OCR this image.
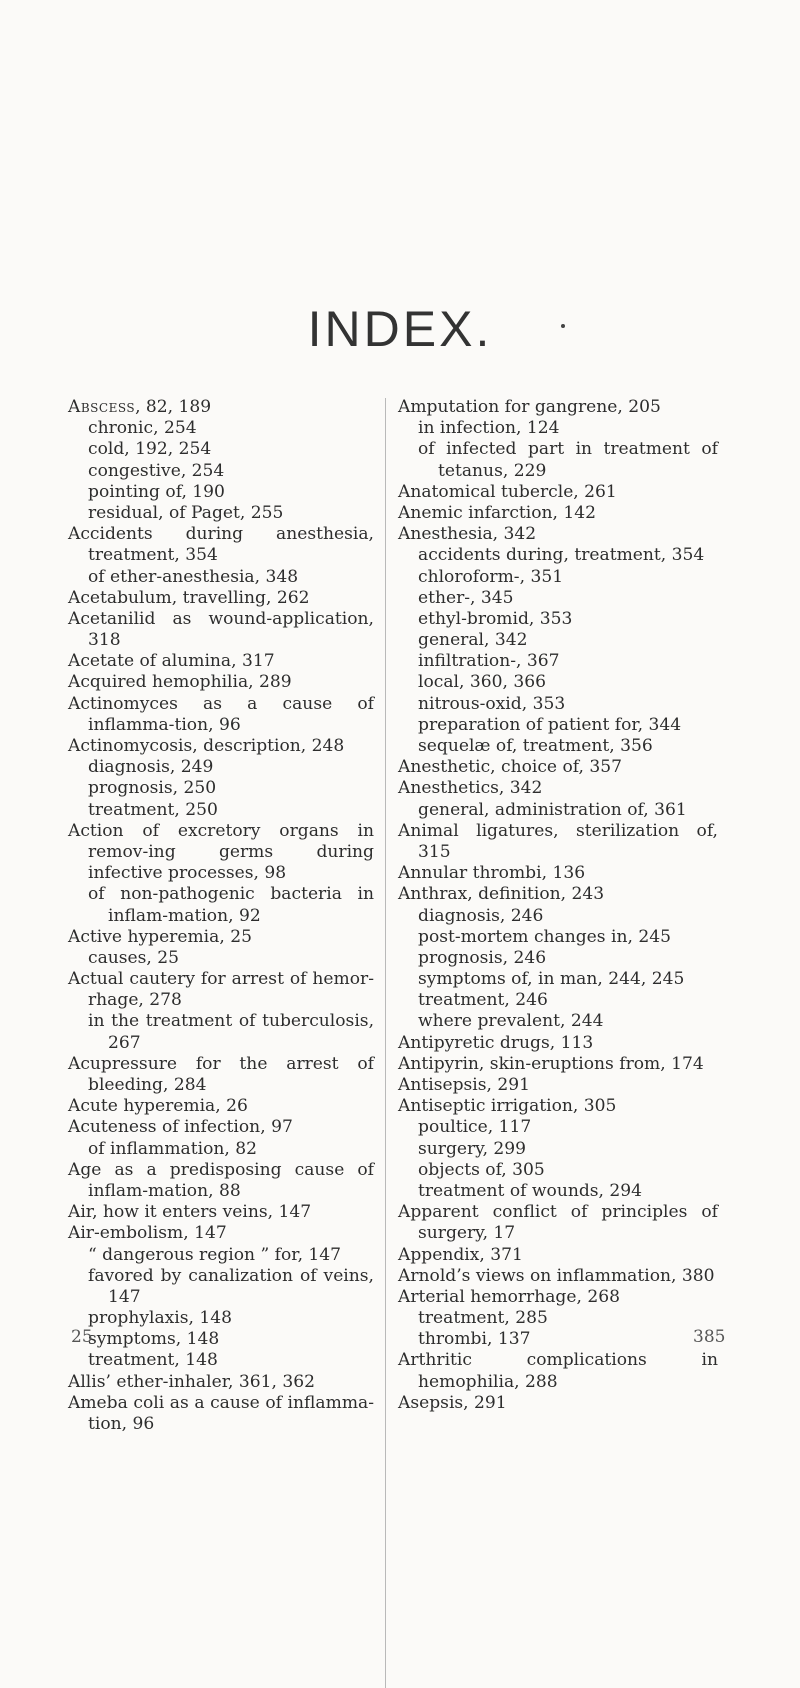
INDEX.
Abscess, 82, 189
chronic, 254
cold, 192, 254
congestive, 254
pointing of, 190
residual, of Paget, 255
Accidents during anesthesia, treatment, 354
of ether-anesthesia, 348
Acetabulum, travelling, 262
Acetanilid as wound-application, 318
Acetate of alumina, 317
Acquired hemophilia, 289
Actinomyces as a cause of inflamma-tion, 96
Actinomycosis, description, 248
diagnosis, 249
prognosis, 250
treatment, 250
Action of excretory organs in remov-ing germs during infective processes, 98
of non-pathogenic bacteria in inflam-mation, 92
Active hyperemia, 25
causes, 25
Actual cautery for arrest of hemor-rhage, 278
in the treatment of tuberculosis, 267
Acupressure for the arrest of bleeding, 284
Acute hyperemia, 26
Acuteness of infection, 97
of inflammation, 82
Age as a predisposing cause of inflam-mation, 88
Air, how it enters veins, 147
Air-embolism, 147
“ dangerous region ” for, 147
favored by canalization of veins, 147
prophylaxis, 148
symptoms, 148
treatment, 148
Allis’ ether-inhaler, 361, 362
Ameba coli as a cause of inflamma-tion, 96
Amputation for gangrene, 205
in infection, 124
of infected part in treatment of tetanus, 229
Anatomical tubercle, 261
Anemic infarction, 142
Anesthesia, 342
accidents during, treatment, 354
chloroform-, 351
ether-, 345
ethyl-bromid, 353
general, 342
infiltration-, 367
local, 360, 366
nitrous-oxid, 353
preparation of patient for, 344
sequelæ of, treatment, 356
Anesthetic, choice of, 357
Anesthetics, 342
general, administration of, 361
Animal ligatures, sterilization of, 315
Annular thrombi, 136
Anthrax, definition, 243
diagnosis, 246
post-mortem changes in, 245
prognosis, 246
symptoms of, in man, 244, 245
treatment, 246
where prevalent, 244
Antipyretic drugs, 113
Antipyrin, skin-eruptions from, 174
Antisepsis, 291
Antiseptic irrigation, 305
poultice, 117
surgery, 299
objects of, 305
treatment of wounds, 294
Apparent conflict of principles of surgery, 17
Appendix, 371
Arnold’s views on inflammation, 380
Arterial hemorrhage, 268
treatment, 285
thrombi, 137
Arthritic complications in hemophilia, 288
Asepsis, 291
25	385
